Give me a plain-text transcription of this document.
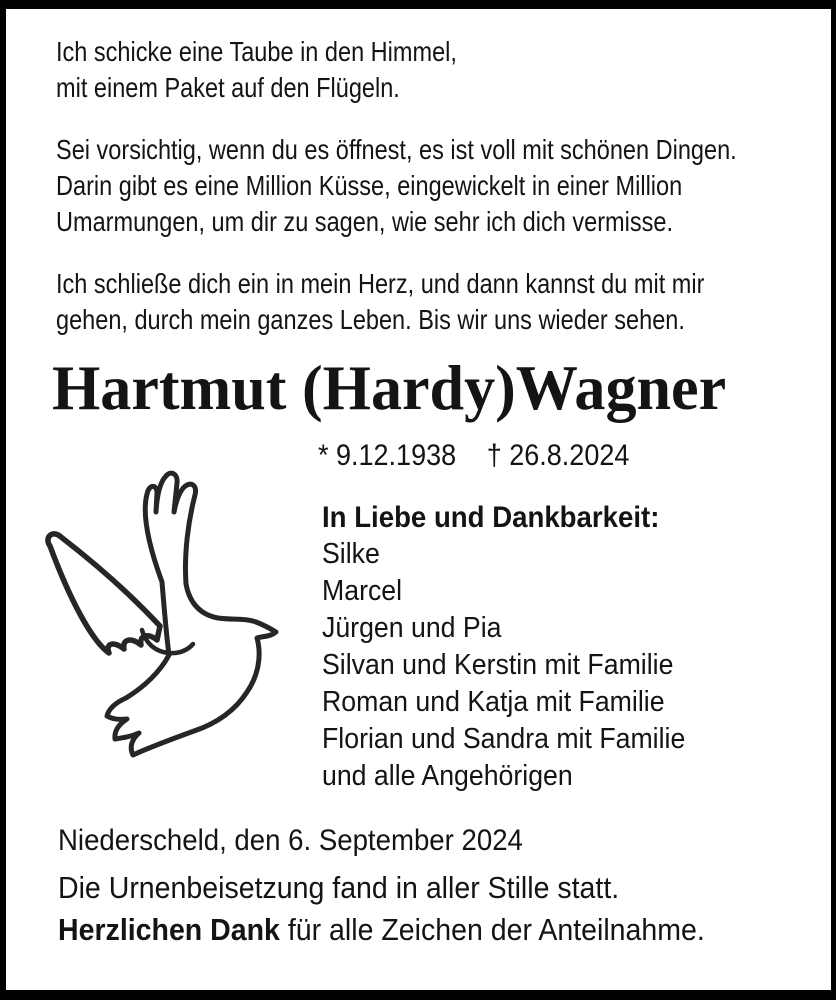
Ich schicke eine Taube in den Himmel,
mit einem Paket auf den Flügeln.
Sei vorsichtig, wenn du es öffnest, es ist voll mit schönen Dingen.
Darin gibt es eine Million Küsse, eingewickelt in einer Million
Umarmungen, um dir zu sagen, wie sehr ich dich vermisse.
Ich schließe dich ein in mein Herz, und dann kannst du mit mir
gehen, durch mein ganzes Leben. Bis wir uns wieder sehen.
Hartmut (Hardy)Wagner
* 9.12.1938 † 26.8.2024
In Liebe und Dankbarkeit:
Silke
Marcel
Jürgen und Pia
Silvan und Kerstin mit Familie
Roman und Katja mit Familie
Florian und Sandra mit Familie
und alle Angehörigen
Niederscheld, den 6. September 2024
Die Urnenbeisetzung fand in aller Stille statt.
Herzlichen Dank für alle Zeichen der Anteilnahme.
